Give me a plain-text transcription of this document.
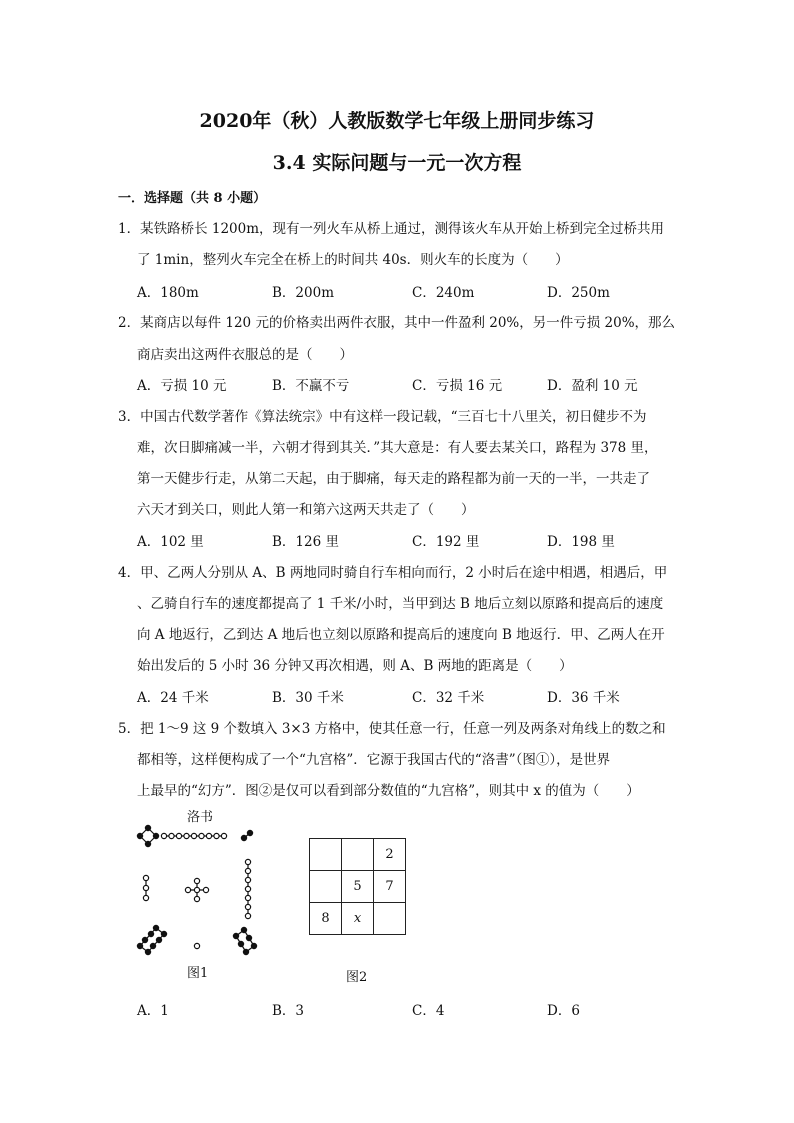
2020年（秋）人教版数学七年级上册同步练习
3.4 实际问题与一元一次方程
一．选择题（共 8 小题）
1．某铁路桥长 1200m，现有一列火车从桥上通过，测得该火车从开始上桥到完全过桥共用
了 1min，整列火车完全在桥上的时间共 40s．则火车的长度为（　　）
A．180m	B．200m	C．240m	D．250m
2．某商店以每件 120 元的价格卖出两件衣服，其中一件盈利 20%，另一件亏损 20%，那么
商店卖出这两件衣服总的是（　　）
A．亏损 10 元	B．不赢不亏	C．亏损 16 元	D．盈利 10 元
3．中国古代数学著作《算法统宗》中有这样一段记载，“三百七十八里关，初日健步不为
难，次日脚痛减一半，六朝才得到其关．”其大意是：有人要去某关口，路程为 378 里，
第一天健步行走，从第二天起，由于脚痛，每天走的路程都为前一天的一半，一共走了
六天才到关口，则此人第一和第六这两天共走了（　　）
A．102 里	B．126 里	C．192 里	D．198 里
4．甲、乙两人分别从 A、B 两地同时骑自行车相向而行，2 小时后在途中相遇，相遇后，甲
、乙骑自行车的速度都提高了 1 千米/小时，当甲到达 B 地后立刻以原路和提高后的速度
向 A 地返行，乙到达 A 地后也立刻以原路和提高后的速度向 B 地返行．甲、乙两人在开
始出发后的 5 小时 36 分钟又再次相遇，则 A、B 两地的距离是（　　）
A．24 千米	B．30 千米	C．32 千米	D．36 千米
5．把 1～9 这 9 个数填入 3×3 方格中，使其任意一行，任意一列及两条对角线上的数之和
都相等，这样便构成了一个“九宫格”．它源于我国古代的“洛書”（图①），是世界
上最早的“幻方”．图②是仅可以看到部分数值的“九宫格”，则其中 x 的值为（　　）
洛书
图1
		2
	5	7
8	x	
图2
A．1	B．3	C．4	D．6
